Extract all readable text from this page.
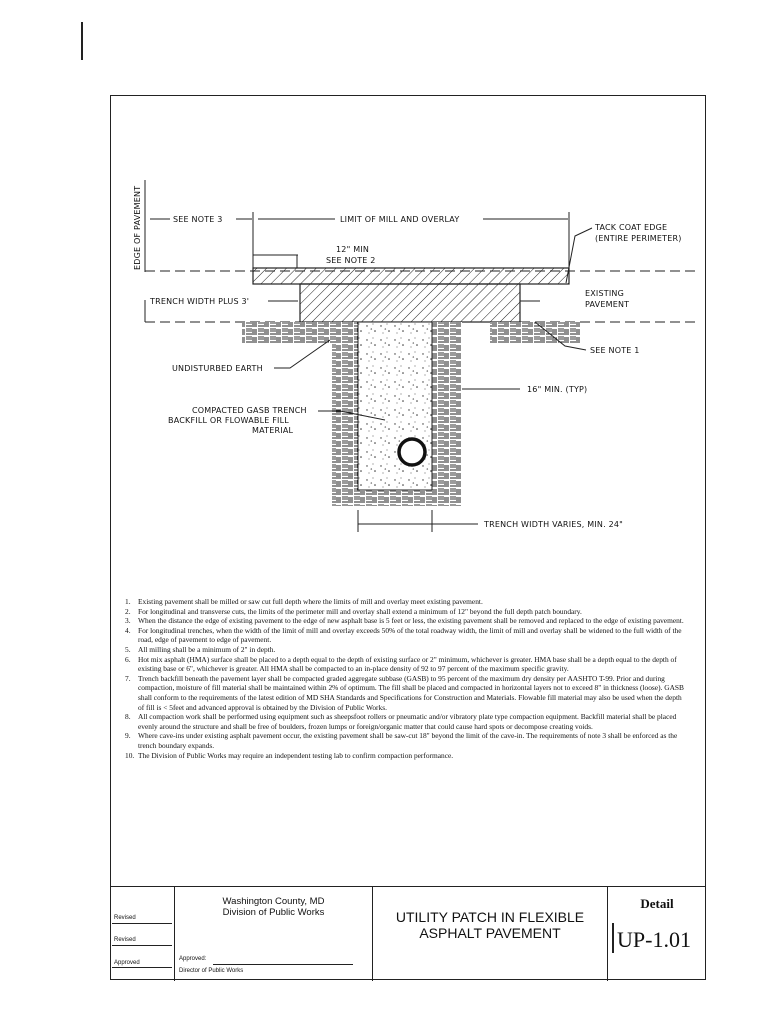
EDGE OF PAVEMENT	SEE NOTE 3	LIMIT OF MILL AND OVERLAY
TACK COAT EDGE
(ENTIRE PERIMETER)
12" MIN
SEE NOTE 2
TRENCH WIDTH PLUS 3'
EXISTING
PAVEMENT
SEE NOTE 1
UNDISTURBED EARTH
16" MIN. (TYP)
COMPACTED GASB TRENCH
BACKFILL OR FLOWABLE FILL
MATERIAL
TRENCH WIDTH VARIES, MIN. 24"

1. Existing pavement shall be milled or saw cut full depth where the limits of mill and overlay meet existing pavement.

2. For longitudinal and transverse cuts, the limits of the perimeter mill and overlay shall extend a minimum of 12" beyond the full depth patch boundary.

3. When the distance the edge of existing pavement to the edge of new asphalt base is 5 feet or less, the existing pavement shall be removed and replaced to the edge of existing pavement.

4. For longitudinal trenches, when the width of the limit of mill and overlay exceeds 50% of the total roadway width, the limit of mill and overlay shall be widened to the full width of the road, edge of pavement to edge of pavement.

5. All milling shall be a minimum of 2" in depth.

6. Hot mix asphalt (HMA) surface shall be placed to a depth equal to the depth of existing surface or 2" minimum, whichever is greater. HMA base shall be a depth equal to the depth of existing base or 6", whichever is greater. All HMA shall be compacted to an in-place density of 92 to 97 percent of the maximum specific gravity.

7. Trench backfill beneath the pavement layer shall be compacted graded aggregate subbase (GASB) to 95 percent of the maximum dry density per AASHTO T-99. Prior and during compaction, moisture of fill material shall be maintained within 2% of optimum. The fill shall be placed and compacted in horizontal layers not to exceed 8" in thickness (loose). GASB shall conform to the requirements of the latest edition of MD SHA Standards and Specifications for Construction and Materials. Flowable fill material may also be used when the depth of fill is < 5feet and advanced approval is obtained by the Division of Public Works.

8. All compaction work shall be performed using equipment such as sheepsfoot rollers or pneumatic and/or vibratory plate type compaction equipment. Backfill material shall be placed evenly around the structure and shall be free of boulders, frozen lumps or foreign/organic matter that could cause hard spots or decompose creating voids.

9. Where cave-ins under existing asphalt pavement occur, the existing pavement shall be saw-cut 18" beyond the limit of the cave-in. The requirements of note 3 shall be enforced as the trench boundary expands.

10. The Division of Public Works may require an independent testing lab to confirm compaction performance.

Revised
Revised
Approved
Washington County, MD
Division of Public Works
Approved:
Director of Public Works
UTILITY PATCH IN FLEXIBLE
ASPHALT PAVEMENT
Detail
UP-1.01
